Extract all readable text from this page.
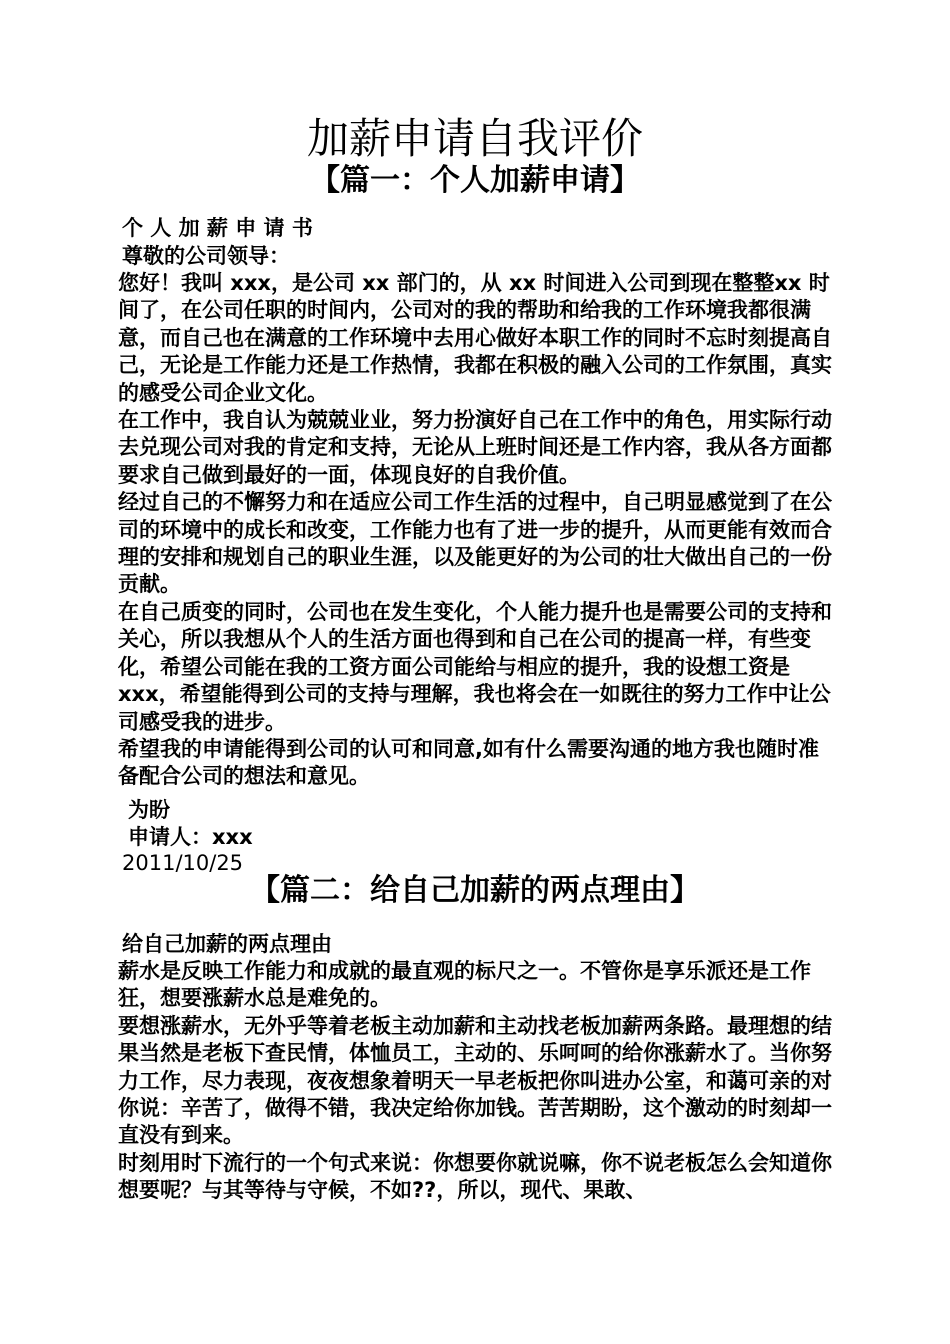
加薪申请自我评价
【篇一：个人加薪申请】
个 人 加 薪 申 请 书
尊敬的公司领导：

您好！我叫 xxx，是公司 xx 部门的，从 xx 时间进入公司到现在整整xx 时间了，在公司任职的时间内，公司对的我的帮助和给我的工作环境我都很满意，而自己也在满意的工作环境中去用心做好本职工作的同时不忘时刻提高自己，无论是工作能力还是工作热情，我都在积极的融入公司的工作氛围，真实的感受公司企业文化。

在工作中，我自认为兢兢业业，努力扮演好自己在工作中的角色，用实际行动去兑现公司对我的肯定和支持，无论从上班时间还是工作内容，我从各方面都要求自己做到最好的一面，体现良好的自我价值。

经过自己的不懈努力和在适应公司工作生活的过程中，自己明显感觉到了在公司的环境中的成长和改变，工作能力也有了进一步的提升，从而更能有效而合理的安排和规划自己的职业生涯，以及能更好的为公司的壮大做出自己的一份贡献。

在自己质变的同时，公司也在发生变化，个人能力提升也是需要公司的支持和关心，所以我想从个人的生活方面也得到和自己在公司的提高一样，有些变化，希望公司能在我的工资方面公司能给与相应的提升，我的设想工资是 xxx，希望能得到公司的支持与理解，我也将会在一如既往的努力工作中让公司感受我的进步。

希望我的申请能得到公司的认可和同意,如有什么需要沟通的地方我也随时准备配合公司的想法和意见。

为盼
申请人：xxx
2011/10/25
【篇二：给自己加薪的两点理由】
给自己加薪的两点理由

薪水是反映工作能力和成就的最直观的标尺之一。不管你是享乐派还是工作狂，想要涨薪水总是难免的。

要想涨薪水，无外乎等着老板主动加薪和主动找老板加薪两条路。最理想的结果当然是老板下查民情，体恤员工，主动的、乐呵呵的给你涨薪水了。当你努力工作，尽力表现，夜夜想象着明天一早老板把你叫进办公室，和蔼可亲的对你说：辛苦了，做得不错，我决定给你加钱。苦苦期盼，这个激动的时刻却一直没有到来。

时刻用时下流行的一个句式来说：你想要你就说嘛，你不说老板怎么会知道你想要呢？与其等待与守候，不如??，所以，现代、果敢、
